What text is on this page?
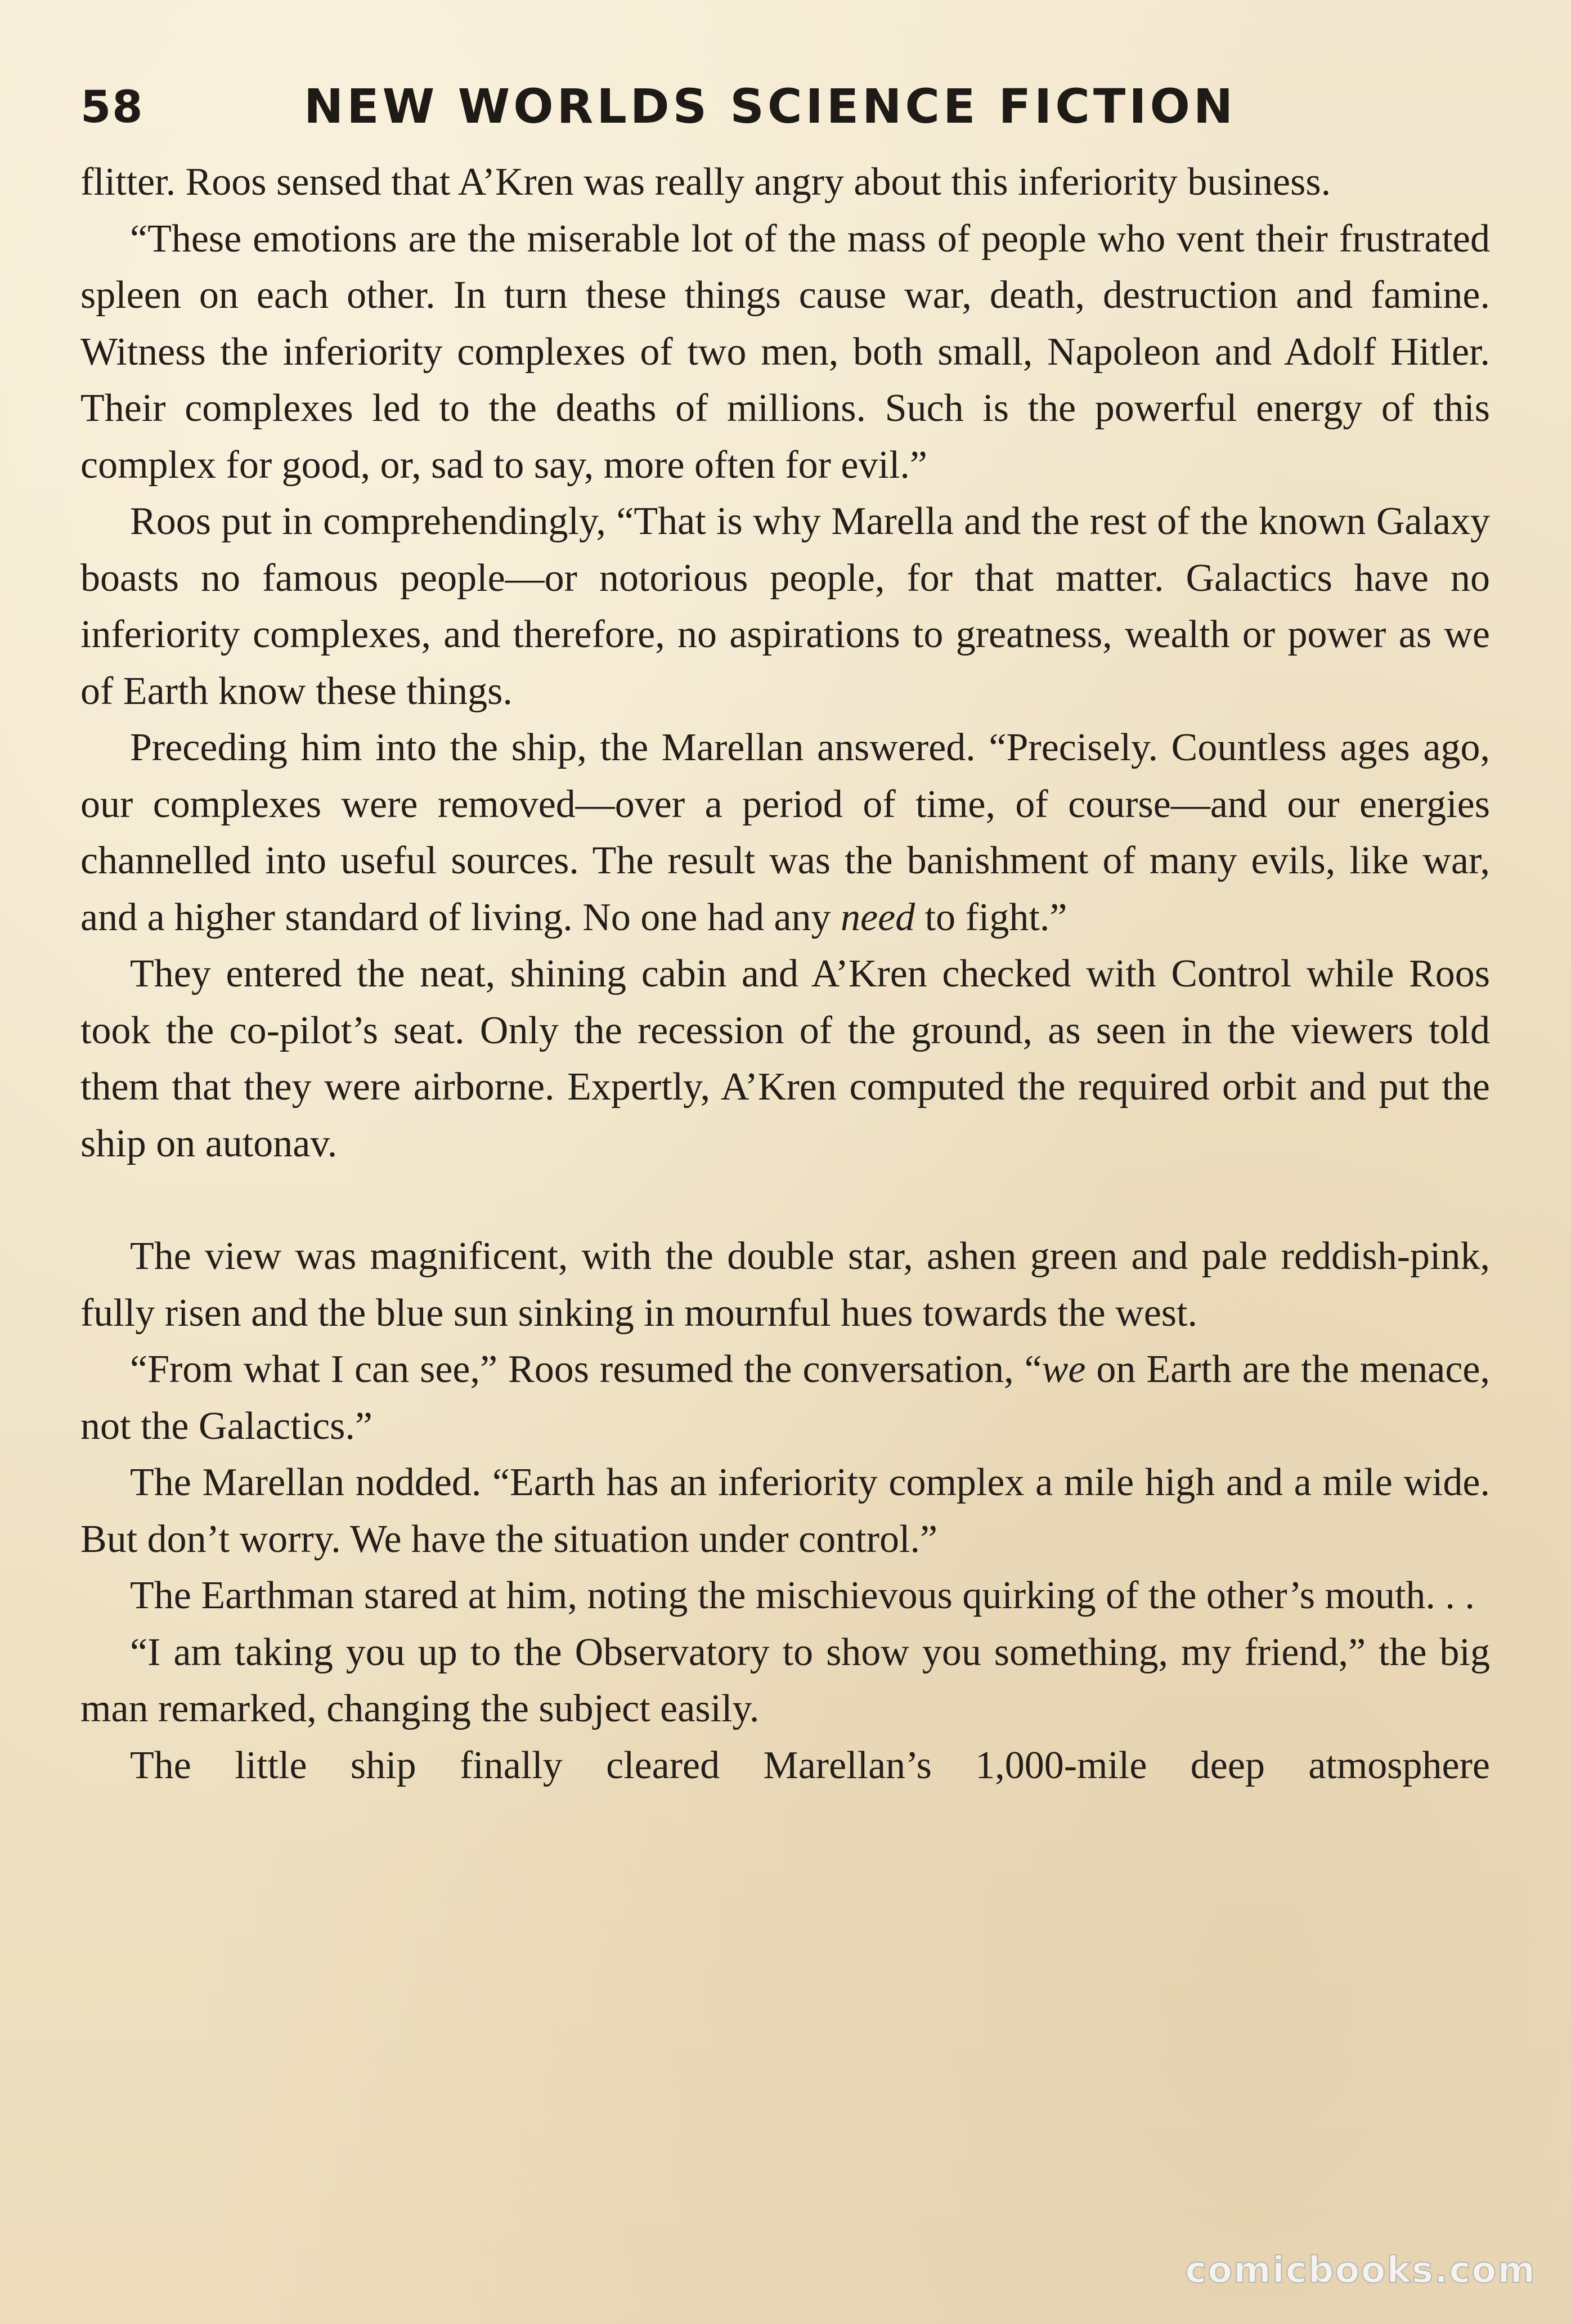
58	NEW WORLDS SCIENCE FICTION

flitter. Roos sensed that A’Kren was really angry about this inferiority business.

“These emotions are the miserable lot of the mass of people who vent their frustrated spleen on each other. In turn these things cause war, death, destruction and famine. Witness the inferiority complexes of two men, both small, Napoleon and Adolf Hitler. Their complexes led to the deaths of millions. Such is the powerful energy of this complex for good, or, sad to say, more often for evil.”

Roos put in comprehendingly, “That is why Marella and the rest of the known Galaxy boasts no famous people—or notorious people, for that matter. Galactics have no inferiority complexes, and therefore, no aspirations to greatness, wealth or power as we of Earth know these things.

Preceding him into the ship, the Marellan answered. “Precisely. Countless ages ago, our complexes were removed—over a period of time, of course—and our energies channelled into useful sources. The result was the banishment of many evils, like war, and a higher standard of living. No one had any need to fight.”

They entered the neat, shining cabin and A’Kren checked with Control while Roos took the co-pilot’s seat. Only the recession of the ground, as seen in the viewers told them that they were airborne. Expertly, A’Kren computed the required orbit and put the ship on autonav.

The view was magnificent, with the double star, ashen green and pale reddish-pink, fully risen and the blue sun sinking in mournful hues towards the west.

“From what I can see,” Roos resumed the conversation, “we on Earth are the menace, not the Galactics.”

The Marellan nodded. “Earth has an inferiority complex a mile high and a mile wide. But don’t worry. We have the situation under control.”

The Earthman stared at him, noting the mischievous quirking of the other’s mouth. . .

“I am taking you up to the Observatory to show you something, my friend,” the big man remarked, changing the subject easily.

The little ship finally cleared Marellan’s 1,000-mile deep atmosphere

comicbooks.com
